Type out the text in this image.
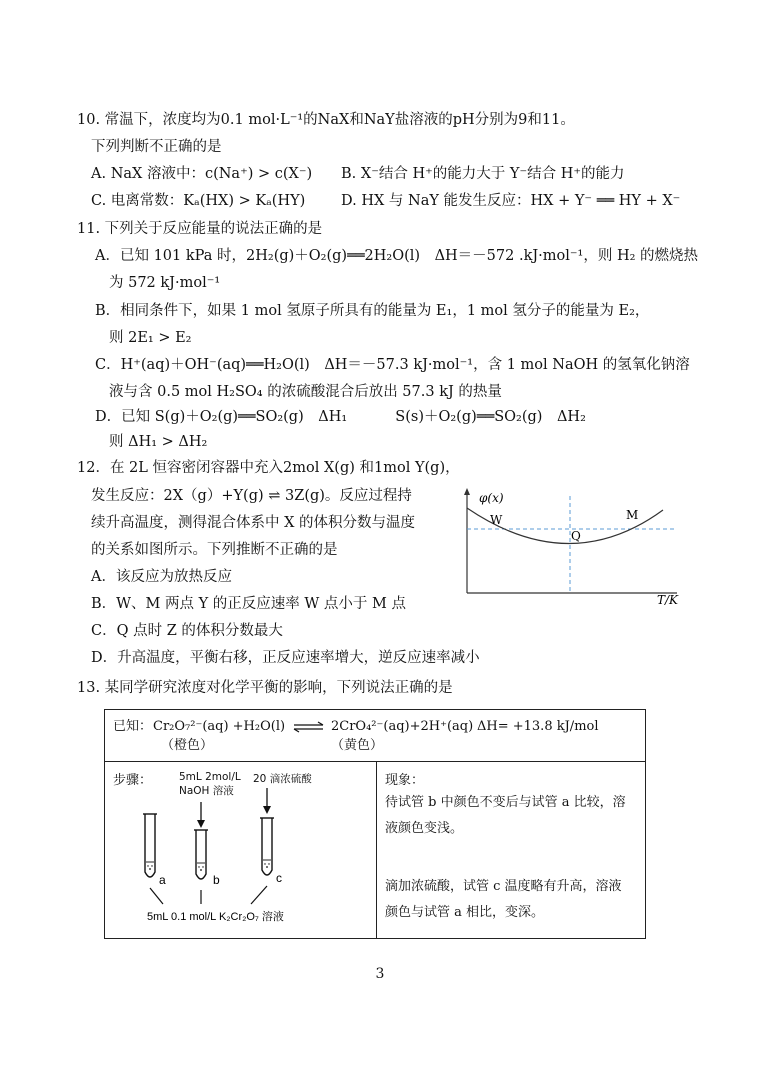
10. 常温下，浓度均为0.1 mol·L⁻¹的NaX和NaY盐溶液的pH分别为9和11。
下列判断不正确的是
A. NaX 溶液中：c(Na⁺) > c(X⁻) B. X⁻结合 H⁺的能力大于 Y⁻结合 H⁺的能力
C. 电离常数：Kₐ(HX) > Kₐ(HY) D. HX 与 NaY 能发生反应：HX + Y⁻ ══ HY + X⁻
11. 下列关于反应能量的说法正确的是
A．已知 101 kPa 时，2H₂(g)＋O₂(g)══2H₂O(l)　ΔH＝－572 .kJ·mol⁻¹，则 H₂ 的燃烧热
为 572 kJ·mol⁻¹
B．相同条件下，如果 1 mol 氢原子所具有的能量为 E₁，1 mol 氢分子的能量为 E₂，
则 2E₁ > E₂
C．H⁺(aq)＋OH⁻(aq)══H₂O(l)　ΔH＝－57.3 kJ·mol⁻¹，含 1 mol NaOH 的氢氧化钠溶
液与含 0.5 mol H₂SO₄ 的浓硫酸混合后放出 57.3 kJ 的热量
D．已知 S(g)＋O₂(g)══SO₂(g)　ΔH₁　　　 S(s)＋O₂(g)══SO₂(g)　ΔH₂
则 ΔH₁ > ΔH₂
12．在 2L 恒容密闭容器中充入2mol X(g) 和1mol Y(g)，
发生反应：2X（g）+Y(g) ⇌ 3Z(g)。反应过程持
续升高温度，测得混合体系中 X 的体积分数与温度
的关系如图所示。下列推断不正确的是
A．该反应为放热反应
B．W、M 两点 Y 的正反应速率 W 点小于 M 点
C．Q 点时 Z 的体积分数最大
D．升高温度，平衡右移，正反应速率增大，逆反应速率减小
φ(x)
W
Q
M
T/K
13. 某同学研究浓度对化学平衡的影响，下列说法正确的是
已知： Cr₂O₇²⁻(aq) +H₂O(l) ⇌ 2CrO₄²⁻(aq)+2H⁺(aq) ΔH= +13.8 kJ/mol
（橙色）	（黄色）
步骤：	5mL 2mol/L
NaOH 溶液
20 滴浓硫酸
a	b	c
5mL 0.1 mol/L K₂Cr₂O₇ 溶液
现象：
待试管 b 中颜色不变后与试管 a 比较，溶
液颜色变浅。
滴加浓硫酸，试管 c 温度略有升高，溶液
颜色与试管 a 相比，变深。
3
